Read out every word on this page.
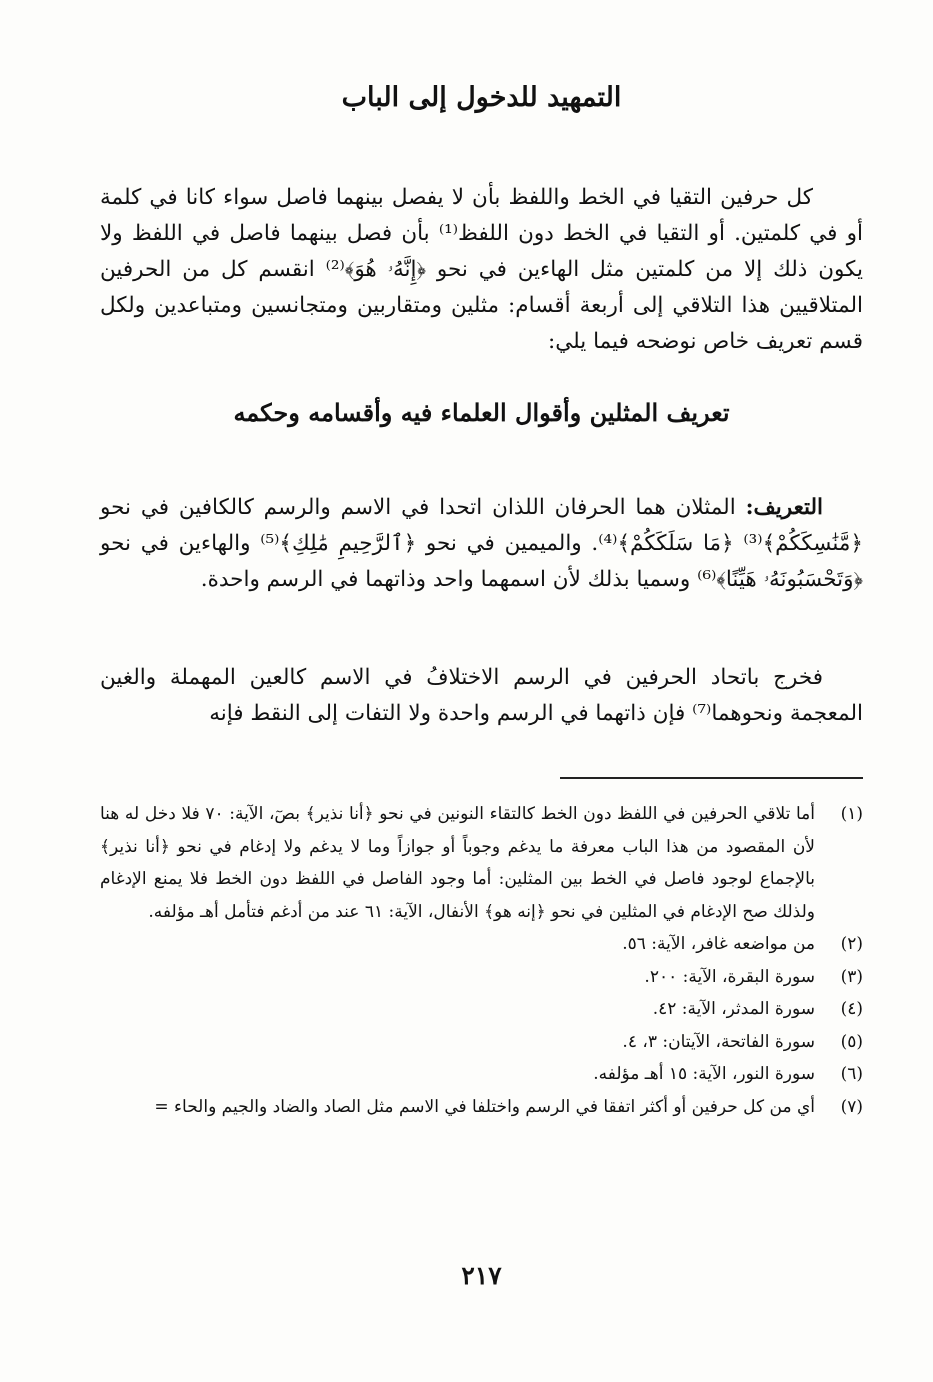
التمهيد للدخول إلى الباب

كل حرفين التقيا في الخط واللفظ بأن لا يفصل بينهما فاصل سواء كانا في كلمة أو في كلمتين. أو التقيا في الخط دون اللفظ⁽¹⁾ بأن فصل بينهما فاصل في اللفظ ولا يكون ذلك إلا من كلمتين مثل الهاءين في نحو ﴿إِنَّهُۥ هُوَ﴾⁽²⁾ انقسم كل من الحرفين المتلاقيين هذا التلاقي إلى أربعة أقسام: مثلين ومتقاربين ومتجانسين ومتباعدين ولكل قسم تعريف خاص نوضحه فيما يلي:

تعريف المثلين وأقوال العلماء فيه وأقسامه وحكمه

التعريف: المثلان هما الحرفان اللذان اتحدا في الاسم والرسم كالكافين في نحو ﴿مَّنَٰسِكَكُمْ﴾⁽³⁾ ﴿مَا سَلَكَكُمْ﴾⁽⁴⁾. والميمين في نحو ﴿ٱلرَّحِيمِ مَٰلِكِ﴾⁽⁵⁾ والهاءين في نحو ﴿وَتَحْسَبُونَهُۥ هَيِّنًا﴾⁽⁶⁾ وسميا بذلك لأن اسمهما واحد وذاتهما في الرسم واحدة.

فخرج باتحاد الحرفين في الرسم الاختلافُ في الاسم كالعين المهملة والغين المعجمة ونحوهما⁽⁷⁾ فإن ذاتهما في الرسم واحدة ولا التفات إلى النقط فإنه

(١)
أما تلاقي الحرفين في اللفظ دون الخط كالتقاء النونين في نحو ﴿أنا نذير﴾ بصٓ، الآية: ٧٠ فلا دخل له هنا لأن المقصود من هذا الباب معرفة ما يدغم وجوباً أو جوازاً وما لا يدغم ولا إدغام في نحو ﴿أنا نذير﴾ بالإجماع لوجود فاصل في الخط بين المثلين: أما وجود الفاصل في اللفظ دون الخط فلا يمنع الإدغام ولذلك صح الإدغام في المثلين في نحو ﴿إنه هو﴾ الأنفال، الآية: ٦١ عند من أدغم فتأمل أهـ مؤلفه.
(٢)
من مواضعه غافر، الآية: ٥٦.
(٣)
سورة البقرة، الآية: ٢٠٠.
(٤)
سورة المدثر، الآية: ٤٢.
(٥)
سورة الفاتحة، الآيتان: ٣، ٤.
(٦)
سورة النور، الآية: ١٥ أهـ مؤلفه.
(٧)
أي من كل حرفين أو أكثر اتفقا في الرسم واختلفا في الاسم مثل الصاد والضاد والجيم والحاء =
٢١٧
